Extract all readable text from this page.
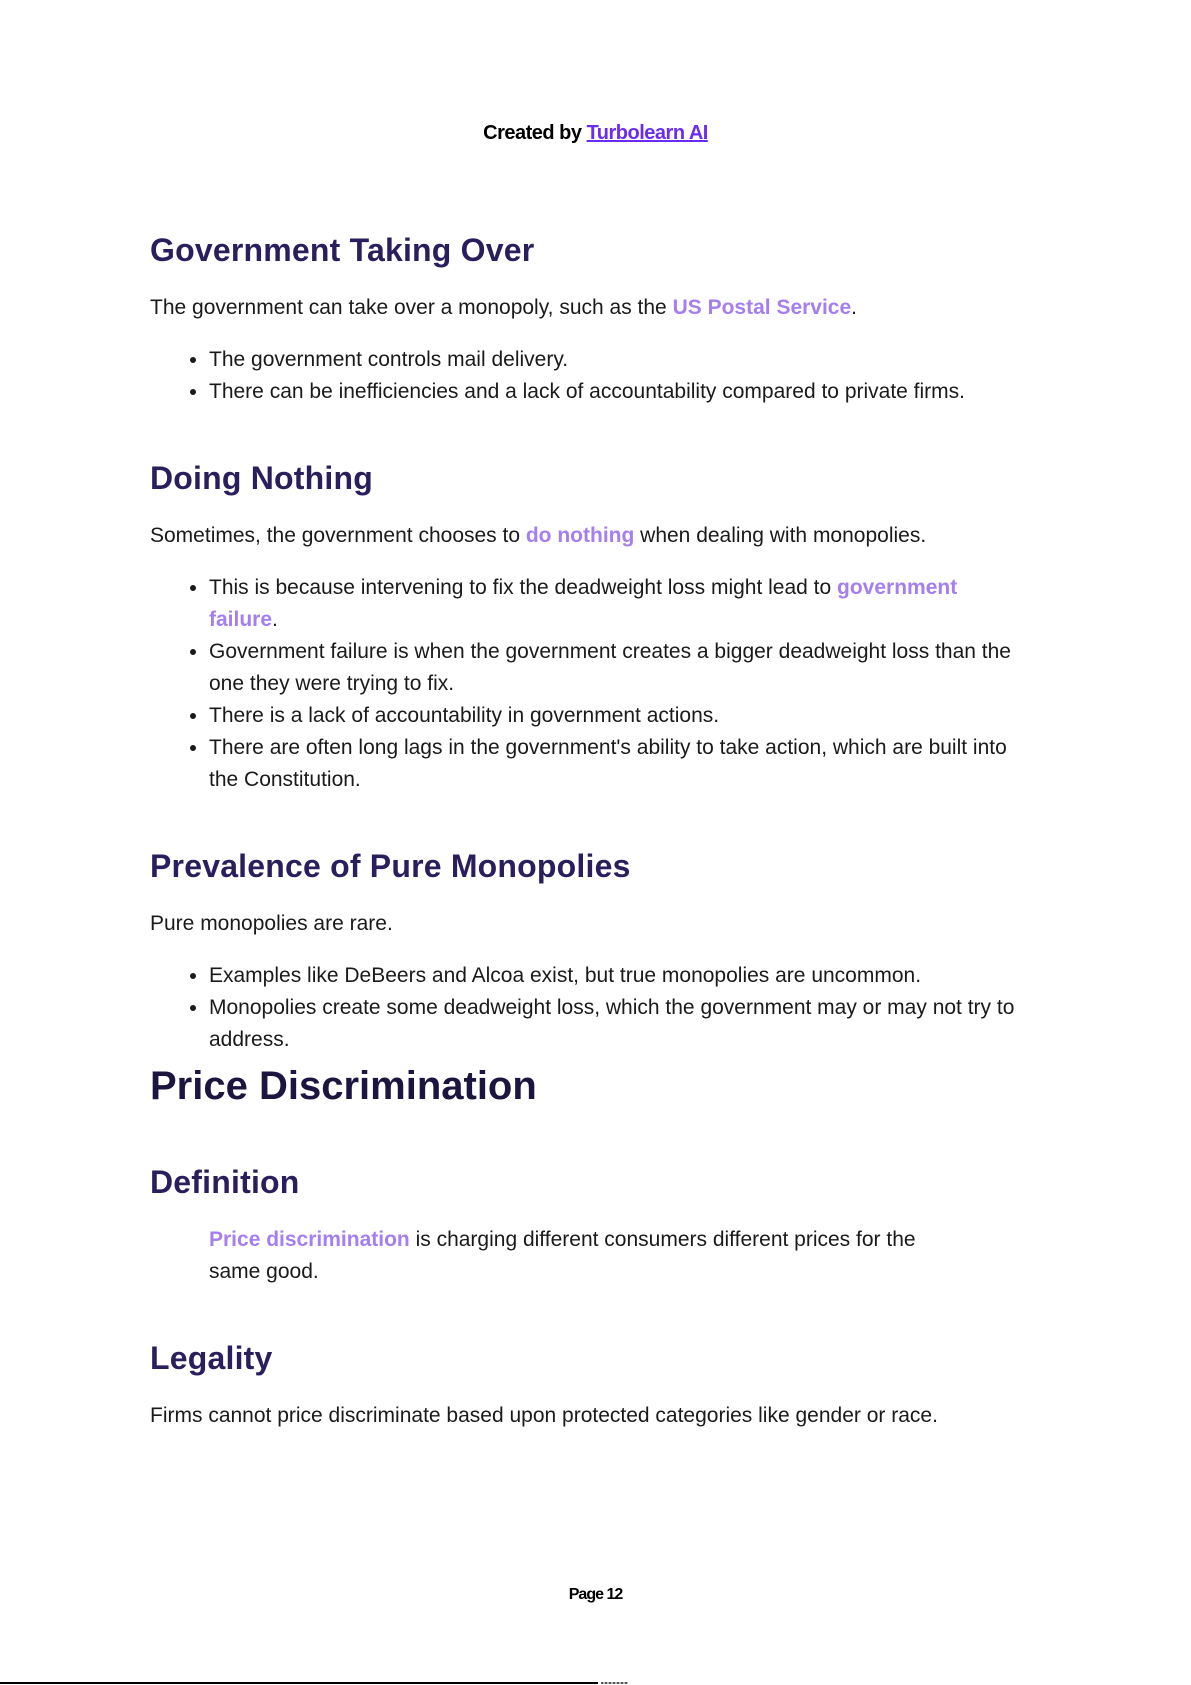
Created by Turbolearn AI
Government Taking Over

The government can take over a monopoly, such as the US Postal Service.

• The government controls mail delivery.
• There can be inefficiencies and a lack of accountability compared to private firms.
Doing Nothing

Sometimes, the government chooses to do nothing when dealing with monopolies.

• This is because intervening to fix the deadweight loss might lead to government failure.
• Government failure is when the government creates a bigger deadweight loss than the one they were trying to fix.
• There is a lack of accountability in government actions.
• There are often long lags in the government's ability to take action, which are built into the Constitution.
Prevalence of Pure Monopolies

Pure monopolies are rare.

• Examples like DeBeers and Alcoa exist, but true monopolies are uncommon.
• Monopolies create some deadweight loss, which the government may or may not try to address.
Price Discrimination
Definition

Price discrimination is charging different consumers different prices for the same good.

Legality

Firms cannot price discriminate based upon protected categories like gender or race.

Page 12
